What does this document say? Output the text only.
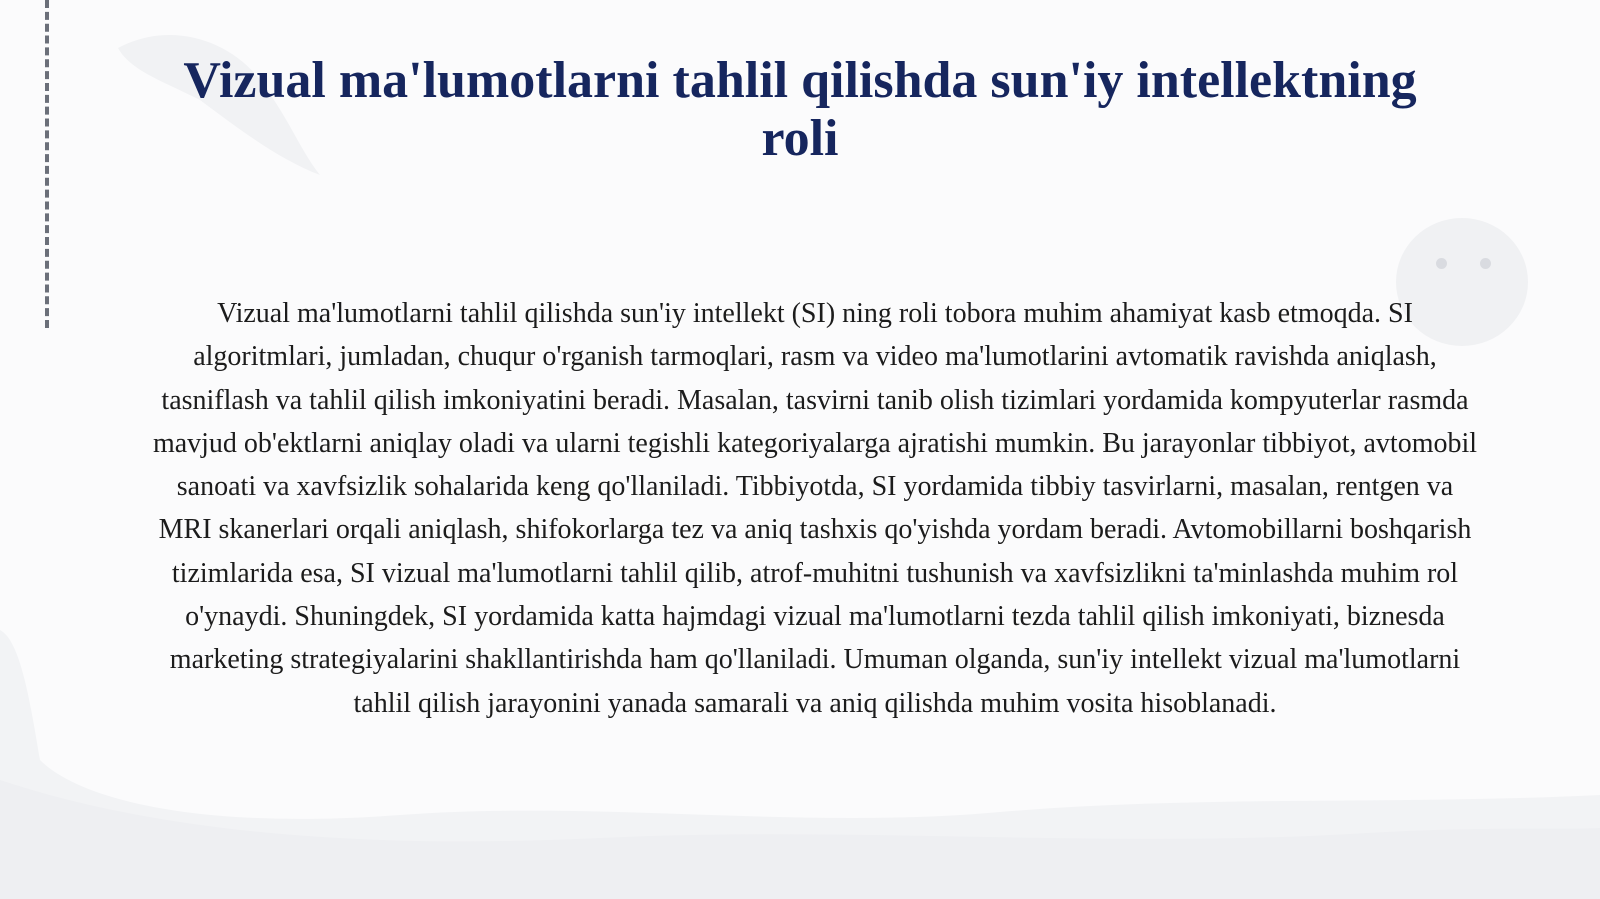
Vizual ma'lumotlarni tahlil qilishda sun'iy intellektning roli

Vizual ma'lumotlarni tahlil qilishda sun'iy intellekt (SI) ning roli tobora muhim ahamiyat kasb etmoqda. SI algoritmlari, jumladan, chuqur o'rganish tarmoqlari, rasm va video ma'lumotlarini avtomatik ravishda aniqlash, tasniflash va tahlil qilish imkoniyatini beradi. Masalan, tasvirni tanib olish tizimlari yordamida kompyuterlar rasmda mavjud ob'ektlarni aniqlay oladi va ularni tegishli kategoriyalarga ajratishi mumkin. Bu jarayonlar tibbiyot, avtomobil sanoati va xavfsizlik sohalarida keng qo'llaniladi. Tibbiyotda, SI yordamida tibbiy tasvirlarni, masalan, rentgen va MRI skanerlari orqali aniqlash, shifokorlarga tez va aniq tashxis qo'yishda yordam beradi. Avtomobillarni boshqarish tizimlarida esa, SI vizual ma'lumotlarni tahlil qilib, atrof-muhitni tushunish va xavfsizlikni ta'minlashda muhim rol o'ynaydi. Shuningdek, SI yordamida katta hajmdagi vizual ma'lumotlarni tezda tahlil qilish imkoniyati, biznesda marketing strategiyalarini shakllantirishda ham qo'llaniladi. Umuman olganda, sun'iy intellekt vizual ma'lumotlarni tahlil qilish jarayonini yanada samarali va aniq qilishda muhim vosita hisoblanadi.
